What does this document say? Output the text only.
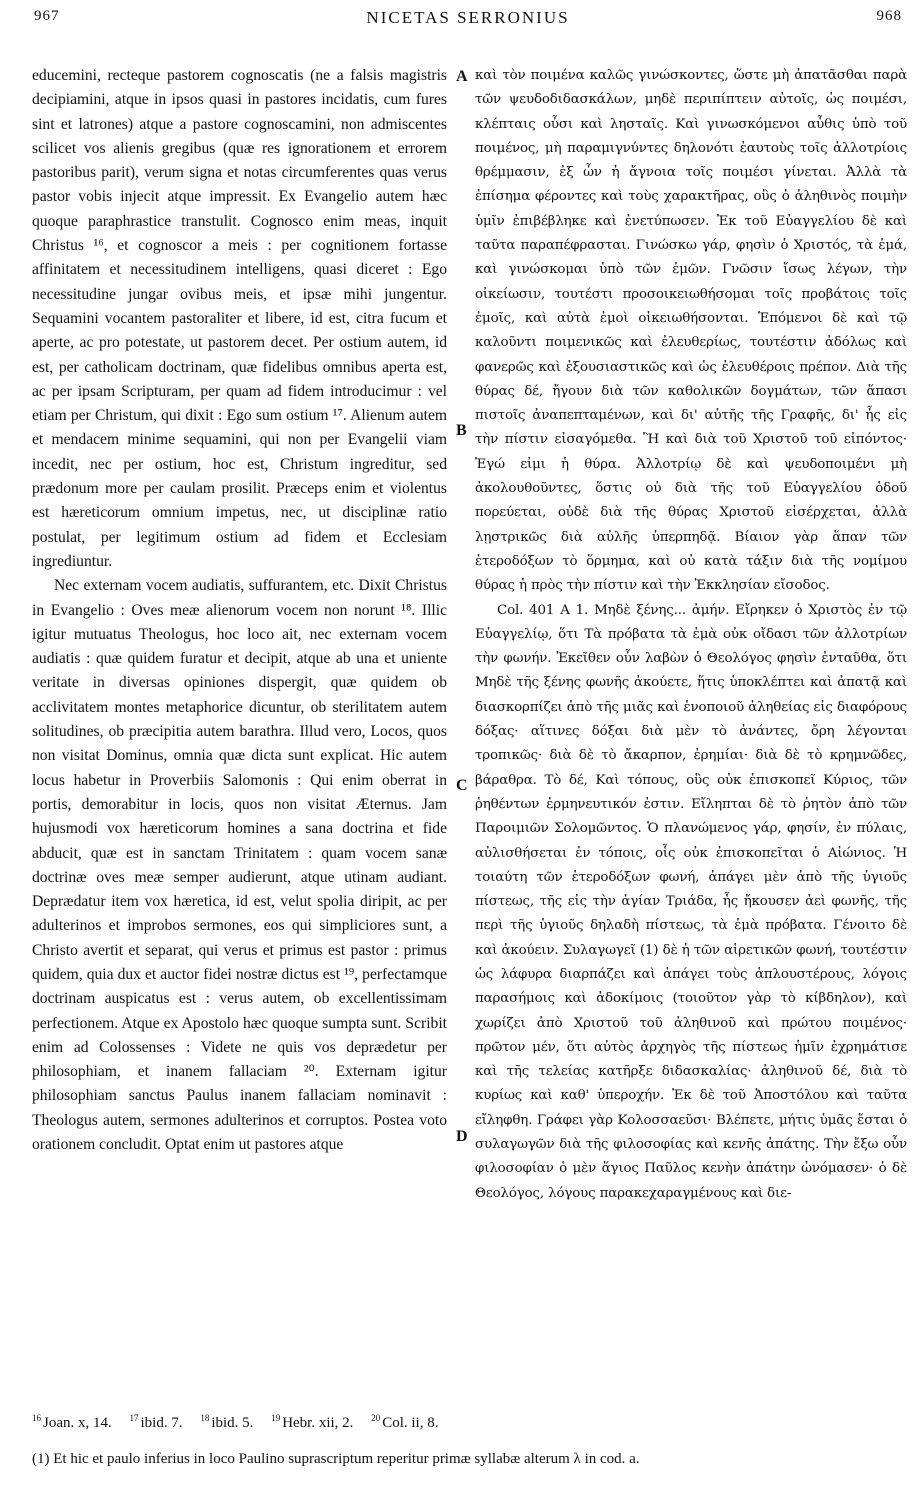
967	NICETAS SERRONIUS	968

educemini, recteque pastorem cognoscatis (ne a falsis magistris decipiamini, atque in ipsos quasi in pastores incidatis, cum fures sint et latrones) atque a pastore cognoscamini, non admiscentes scilicet vos alienis gregibus (quæ res ignorationem et errorem pastoribus parit), verum signa et notas circumferentes quas verus pastor vobis injecit atque impressit. Ex Evangelio autem hæc quoque paraphrastice transtulit. Cognosco enim meas, inquit Christus ¹⁶, et cognoscor a meis : per cognitionem fortasse affinitatem et necessitudinem intelligens, quasi diceret : Ego necessitudine jungar ovibus meis, et ipsæ mihi jungentur. Sequamini vocantem pastoraliter et libere, id est, citra fucum et aperte, ac pro potestate, ut pastorem decet. Per ostium autem, id est, per catholicam doctrinam, quæ fidelibus omnibus aperta est, ac per ipsam Scripturam, per quam ad fidem introducimur : vel etiam per Christum, qui dixit : Ego sum ostium ¹⁷. Alienum autem et mendacem minime sequamini, qui non per Evangelii viam incedit, nec per ostium, hoc est, Christum ingreditur, sed prædonum more per caulam prosilit. Præceps enim et violentus est hæreticorum omnium impetus, nec, ut disciplinæ ratio postulat, per legitimum ostium ad fidem et Ecclesiam ingrediuntur.

Nec externam vocem audiatis, suffurantem, etc. Dixit Christus in Evangelio : Oves meæ alienorum vocem non norunt ¹⁸. Illic igitur mutuatus Theologus, hoc loco ait, nec externam vocem audiatis : quæ quidem furatur et decipit, atque ab una et uniente veritate in diversas opiniones dispergit, quæ quidem ob acclivitatem montes metaphorice dicuntur, ob sterilitatem autem solitudines, ob præcipitia autem barathra. Illud vero, Locos, quos non visitat Dominus, omnia quæ dicta sunt explicat. Hic autem locus habetur in Proverbiis Salomonis : Qui enim oberrat in portis, demorabitur in locis, quos non visitat Æternus. Jam hujusmodi vox hæreticorum homines a sana doctrina et fide abducit, quæ est in sanctam Trinitatem : quam vocem sanæ doctrinæ oves meæ semper audierunt, atque utinam audiant. Deprædatur item vox hæretica, id est, velut spolia diripit, ac per adulterinos et improbos sermones, eos qui simpliciores sunt, a Christo avertit et separat, qui verus et primus est pastor : primus quidem, quia dux et auctor fidei nostræ dictus est ¹⁹, perfectamque doctrinam auspicatus est : verus autem, ob excellentissimam perfectionem. Atque ex Apostolo hæc quoque sumpta sunt. Scribit enim ad Colossenses : Videte ne quis vos deprædetur per philosophiam, et inanem fallaciam ²⁰. Externam igitur philosophiam sanctus Paulus inanem fallaciam nominavit : Theologus autem, sermones adulterinos et corruptos. Postea voto orationem concludit. Optat enim ut pastores atque

A
B
C
D

καὶ τὸν ποιμένα καλῶς γινώσκοντες, ὥστε μὴ ἀπατᾶσθαι παρὰ τῶν ψευδοδιδασκάλων, μηδὲ περιπίπτειν αὐτοῖς, ὡς ποιμέσι, κλέπταις οὖσι καὶ λησταῖς. Καὶ γινωσκόμενοι αὖθις ὑπὸ τοῦ ποιμένος, μὴ παραμιγνύντες δηλονότι ἑαυτοὺς τοῖς ἀλλοτρίοις θρέμμασιν, ἐξ ὧν ἡ ἄγνοια τοῖς ποιμέσι γίνεται. Ἀλλὰ τὰ ἐπίσημα φέροντες καὶ τοὺς χαρακτῆρας, οὓς ὁ ἀληθινὸς ποιμὴν ὑμῖν ἐπιβέβληκε καὶ ἐνετύπωσεν. Ἐκ τοῦ Εὐαγγελίου δὲ καὶ ταῦτα παραπέφρασται. Γινώσκω γάρ, φησὶν ὁ Χριστός, τὰ ἐμά, καὶ γινώσκομαι ὑπὸ τῶν ἐμῶν. Γνῶσιν ἴσως λέγων, τὴν οἰκείωσιν, τουτέστι προσοικειωθήσομαι τοῖς προβάτοις τοῖς ἐμοῖς, καὶ αὐτὰ ἐμοὶ οἰκειωθήσονται. Ἑπόμενοι δὲ καὶ τῷ καλοῦντι ποιμενικῶς καὶ ἐλευθερίως, τουτέστιν ἀδόλως καὶ φανερῶς καὶ ἐξουσιαστικῶς καὶ ὡς ἐλευθέροις πρέπον. Διὰ τῆς θύρας δέ, ἤγουν διὰ τῶν καθολικῶν δογμάτων, τῶν ἅπασι πιστοῖς ἀναπεπταμένων, καὶ δι' αὐτῆς τῆς Γραφῆς, δι' ἧς εἰς τὴν πίστιν εἰσαγόμεθα. Ἢ καὶ διὰ τοῦ Χριστοῦ τοῦ εἰπόντος· Ἐγώ εἰμι ἡ θύρα. Ἀλλοτρίῳ δὲ καὶ ψευδοποιμένι μὴ ἀκολουθοῦντες, ὅστις οὐ διὰ τῆς τοῦ Εὐαγγελίου ὁδοῦ πορεύεται, οὐδὲ διὰ τῆς θύρας Χριστοῦ εἰσέρχεται, ἀλλὰ λῃστρικῶς διὰ αὐλῆς ὑπερπηδᾷ. Βίαιον γὰρ ἅπαν τῶν ἑτεροδόξων τὸ ὅρμημα, καὶ οὐ κατὰ τάξιν διὰ τῆς νομίμου θύρας ἡ πρὸς τὴν πίστιν καὶ τὴν Ἐκκλησίαν εἴσοδος.

Col. 401 A 1. Μηδὲ ξένης... ἀμήν. Εἴρηκεν ὁ Χριστὸς ἐν τῷ Εὐαγγελίῳ, ὅτι Τὰ πρόβατα τὰ ἐμὰ οὐκ οἴδασι τῶν ἀλλοτρίων τὴν φωνήν. Ἐκεῖθεν οὖν λαβὼν ὁ Θεολόγος φησὶν ἐνταῦθα, ὅτι Μηδὲ τῆς ξένης φωνῆς ἀκούετε, ἥτις ὑποκλέπτει καὶ ἀπατᾷ καὶ διασκορπίζει ἀπὸ τῆς μιᾶς καὶ ἑνοποιοῦ ἀληθείας εἰς διαφόρους δόξας· αἵτινες δόξαι διὰ μὲν τὸ ἀνάντες, ὄρη λέγονται τροπικῶς· διὰ δὲ τὸ ἄκαρπον, ἐρημίαι· διὰ δὲ τὸ κρημνῶδες, βάραθρα. Τὸ δέ, Καὶ τόπους, οὓς οὐκ ἐπισκοπεῖ Κύριος, τῶν ῥηθέντων ἑρμηνευτικόν ἐστιν. Εἴληπται δὲ τὸ ῥητὸν ἀπὸ τῶν Παροιμιῶν Σολομῶντος. Ὁ πλανώμενος γάρ, φησίν, ἐν πύλαις, αὐλισθήσεται ἐν τόποις, οἷς οὐκ ἐπισκοπεῖται ὁ Αἰώνιος. Ἡ τοιαύτη τῶν ἑτεροδόξων φωνή, ἀπάγει μὲν ἀπὸ τῆς ὑγιοῦς πίστεως, τῆς εἰς τὴν ἁγίαν Τριάδα, ἧς ἤκουσεν ἀεὶ φωνῆς, τῆς περὶ τῆς ὑγιοῦς δηλαδὴ πίστεως, τὰ ἐμὰ πρόβατα. Γένοιτο δὲ καὶ ἀκούειν. Συλαγωγεῖ (1) δὲ ἡ τῶν αἱρετικῶν φωνή, τουτέστιν ὡς λάφυρα διαρπάζει καὶ ἀπάγει τοὺς ἁπλουστέρους, λόγοις παρασήμοις καὶ ἀδοκίμοις (τοιοῦτον γὰρ τὸ κίβδηλον), καὶ χωρίζει ἀπὸ Χριστοῦ τοῦ ἀληθινοῦ καὶ πρώτου ποιμένος· πρῶτον μέν, ὅτι αὐτὸς ἀρχηγὸς τῆς πίστεως ἡμῖν ἐχρημάτισε καὶ τῆς τελείας κατῆρξε διδασκαλίας· ἀληθινοῦ δέ, διὰ τὸ κυρίως καὶ καθ' ὑπεροχήν. Ἐκ δὲ τοῦ Ἀποστόλου καὶ ταῦτα εἴληφθη. Γράφει γὰρ Κολοσσαεῦσι· Βλέπετε, μήτις ὑμᾶς ἔσται ὁ συλαγωγῶν διὰ τῆς φιλοσοφίας καὶ κενῆς ἀπάτης. Τὴν ἔξω οὖν φιλοσοφίαν ὁ μὲν ἅγιος Παῦλος κενὴν ἀπάτην ὠνόμασεν· ὁ δὲ Θεολόγος, λόγους παρακεχαραγμένους καὶ διε-

$^{16}$ Joan. x, 14. $^{17}$ ibid. 7. $^{18}$ ibid. 5. $^{19}$ Hebr. xii, 2. $^{20}$ Col. ii, 8.
(1) Et hic et paulo inferius in loco Paulino suprascriptum reperitur primæ syllabæ alterum λ in cod. a.
